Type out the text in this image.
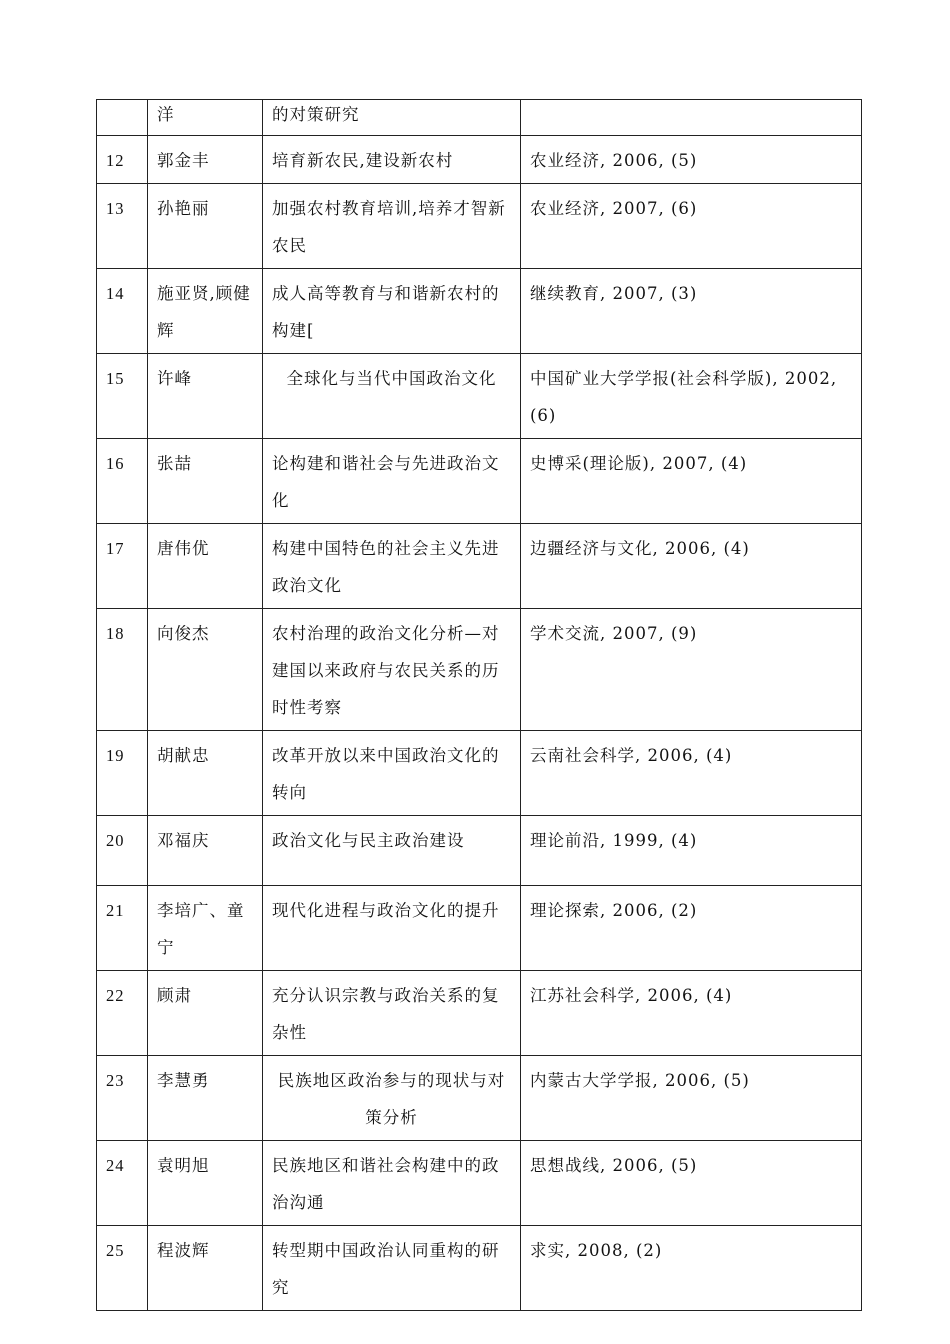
	洋	的对策研究	
12	郭金丰	培育新农民,建设新农村	农业经济, 2006, (5)
13	孙艳丽	加强农村教育培训,培养才智新农民	农业经济, 2007, (6)
14	施亚贤,顾健辉	成人高等教育与和谐新农村的构建[	继续教育, 2007, (3)
15	许峰	全球化与当代中国政治文化	中国矿业大学学报(社会科学版), 2002, (6)
16	张喆	论构建和谐社会与先进政治文化	史博采(理论版), 2007, (4)
17	唐伟优	构建中国特色的社会主义先进政治文化	边疆经济与文化, 2006, (4)
18	向俊杰	农村治理的政治文化分析—对建国以来政府与农民关系的历时性考察	学术交流, 2007, (9)
19	胡献忠	改革开放以来中国政治文化的转向	云南社会科学, 2006, (4)
20	邓福庆	政治文化与民主政治建设	理论前沿, 1999, (4)
21	李培广、童宁	现代化进程与政治文化的提升	理论探索, 2006, (2)
22	顾肃	充分认识宗教与政治关系的复杂性	江苏社会科学, 2006, (4)
23	李慧勇	民族地区政治参与的现状与对策分析	内蒙古大学学报, 2006, (5)
24	袁明旭	民族地区和谐社会构建中的政治沟通	思想战线, 2006, (5)
25	程波辉	转型期中国政治认同重构的研究	求实, 2008, (2)
